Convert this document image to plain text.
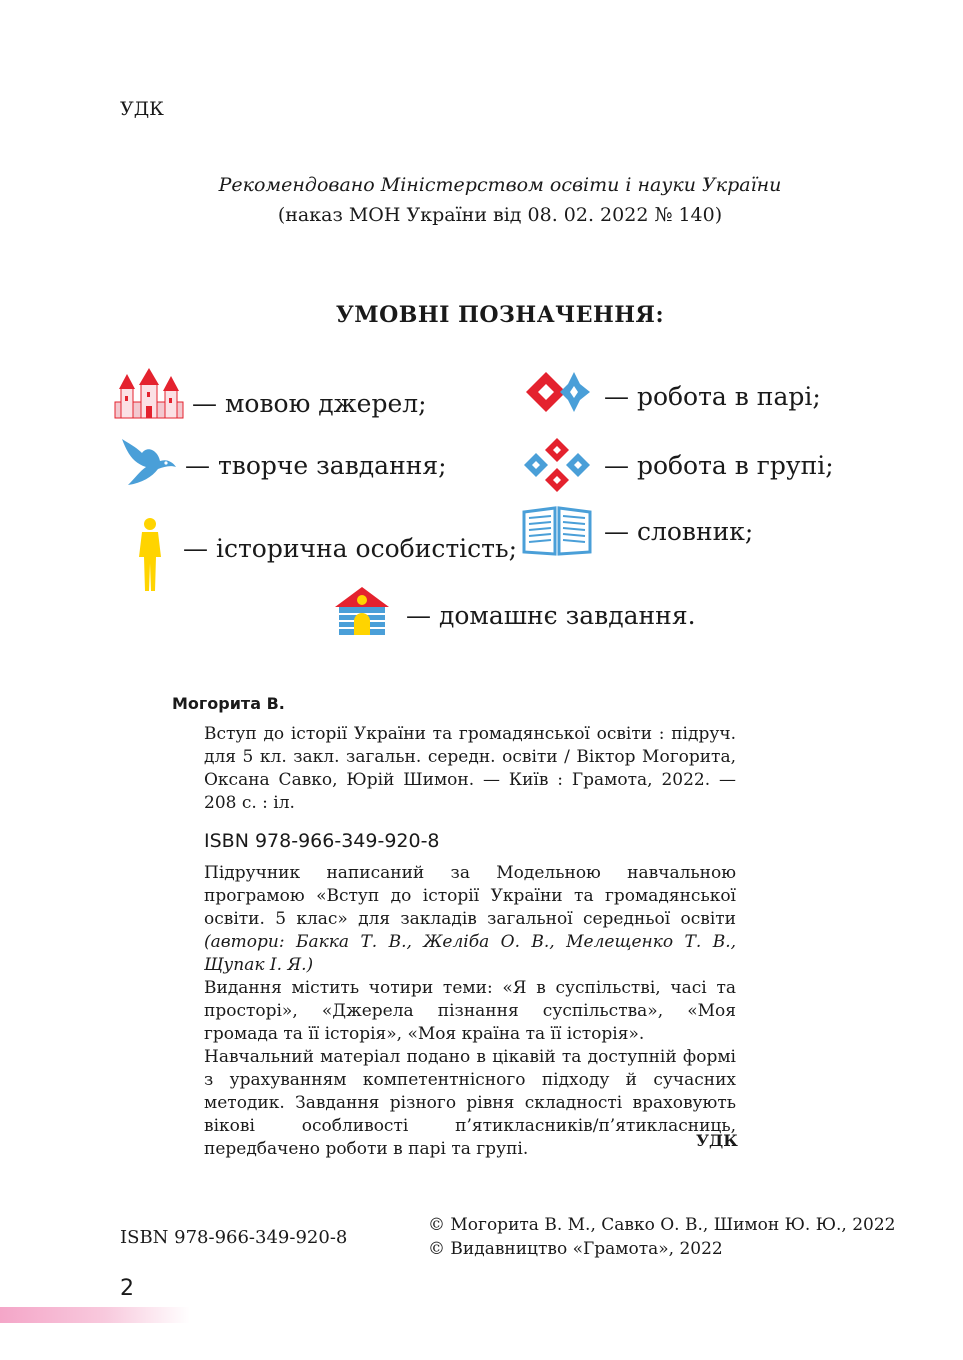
УДК
Рекомендовано Міністерством освіти і науки України
(наказ МОН України від 08. 02. 2022 № 140)
УМОВНІ ПОЗНАЧЕННЯ:
— мовою джерел;	— робота в парі;
— творче завдання;	— робота в групі;
— історична особистість;
— словник;
— домашнє завдання.
Могорита В.
Вступ до історії України та громадянської освіти : підруч. для 5 кл. закл. загальн. середн. освіти / Віктор Могорита, Оксана Савко, Юрій Шимон. — Київ : Грамота, 2022. — 208 с. : іл.
ISBN 978-966-349-920-8
Підручник написаний за Модельною навчальною програмою «Вступ до історії України та громадянської освіти. 5 клас» для закладів загальної середньої освіти (автори: Бакка Т. В., Желіба О. В., Мелещенко Т. В., Щупак І. Я.)
Видання містить чотири теми: «Я в суспільстві, часі та просторі», «Джерела пізнання суспільства», «Моя громада та її історія», «Моя країна та її історія».
Навчальний матеріал подано в цікавій та доступній формі з урахуванням компетентнісного підходу й сучасних методик. Завдання різного рівня складності враховують вікові особливості п’ятикласників/п’ятикласниць, передбачено роботи в парі та групі.	УДК
ISBN 978-966-349-920-8
© Могорита В. М., Савко О. В., Шимон Ю. Ю., 2022
© Видавництво «Грамота», 2022
2
